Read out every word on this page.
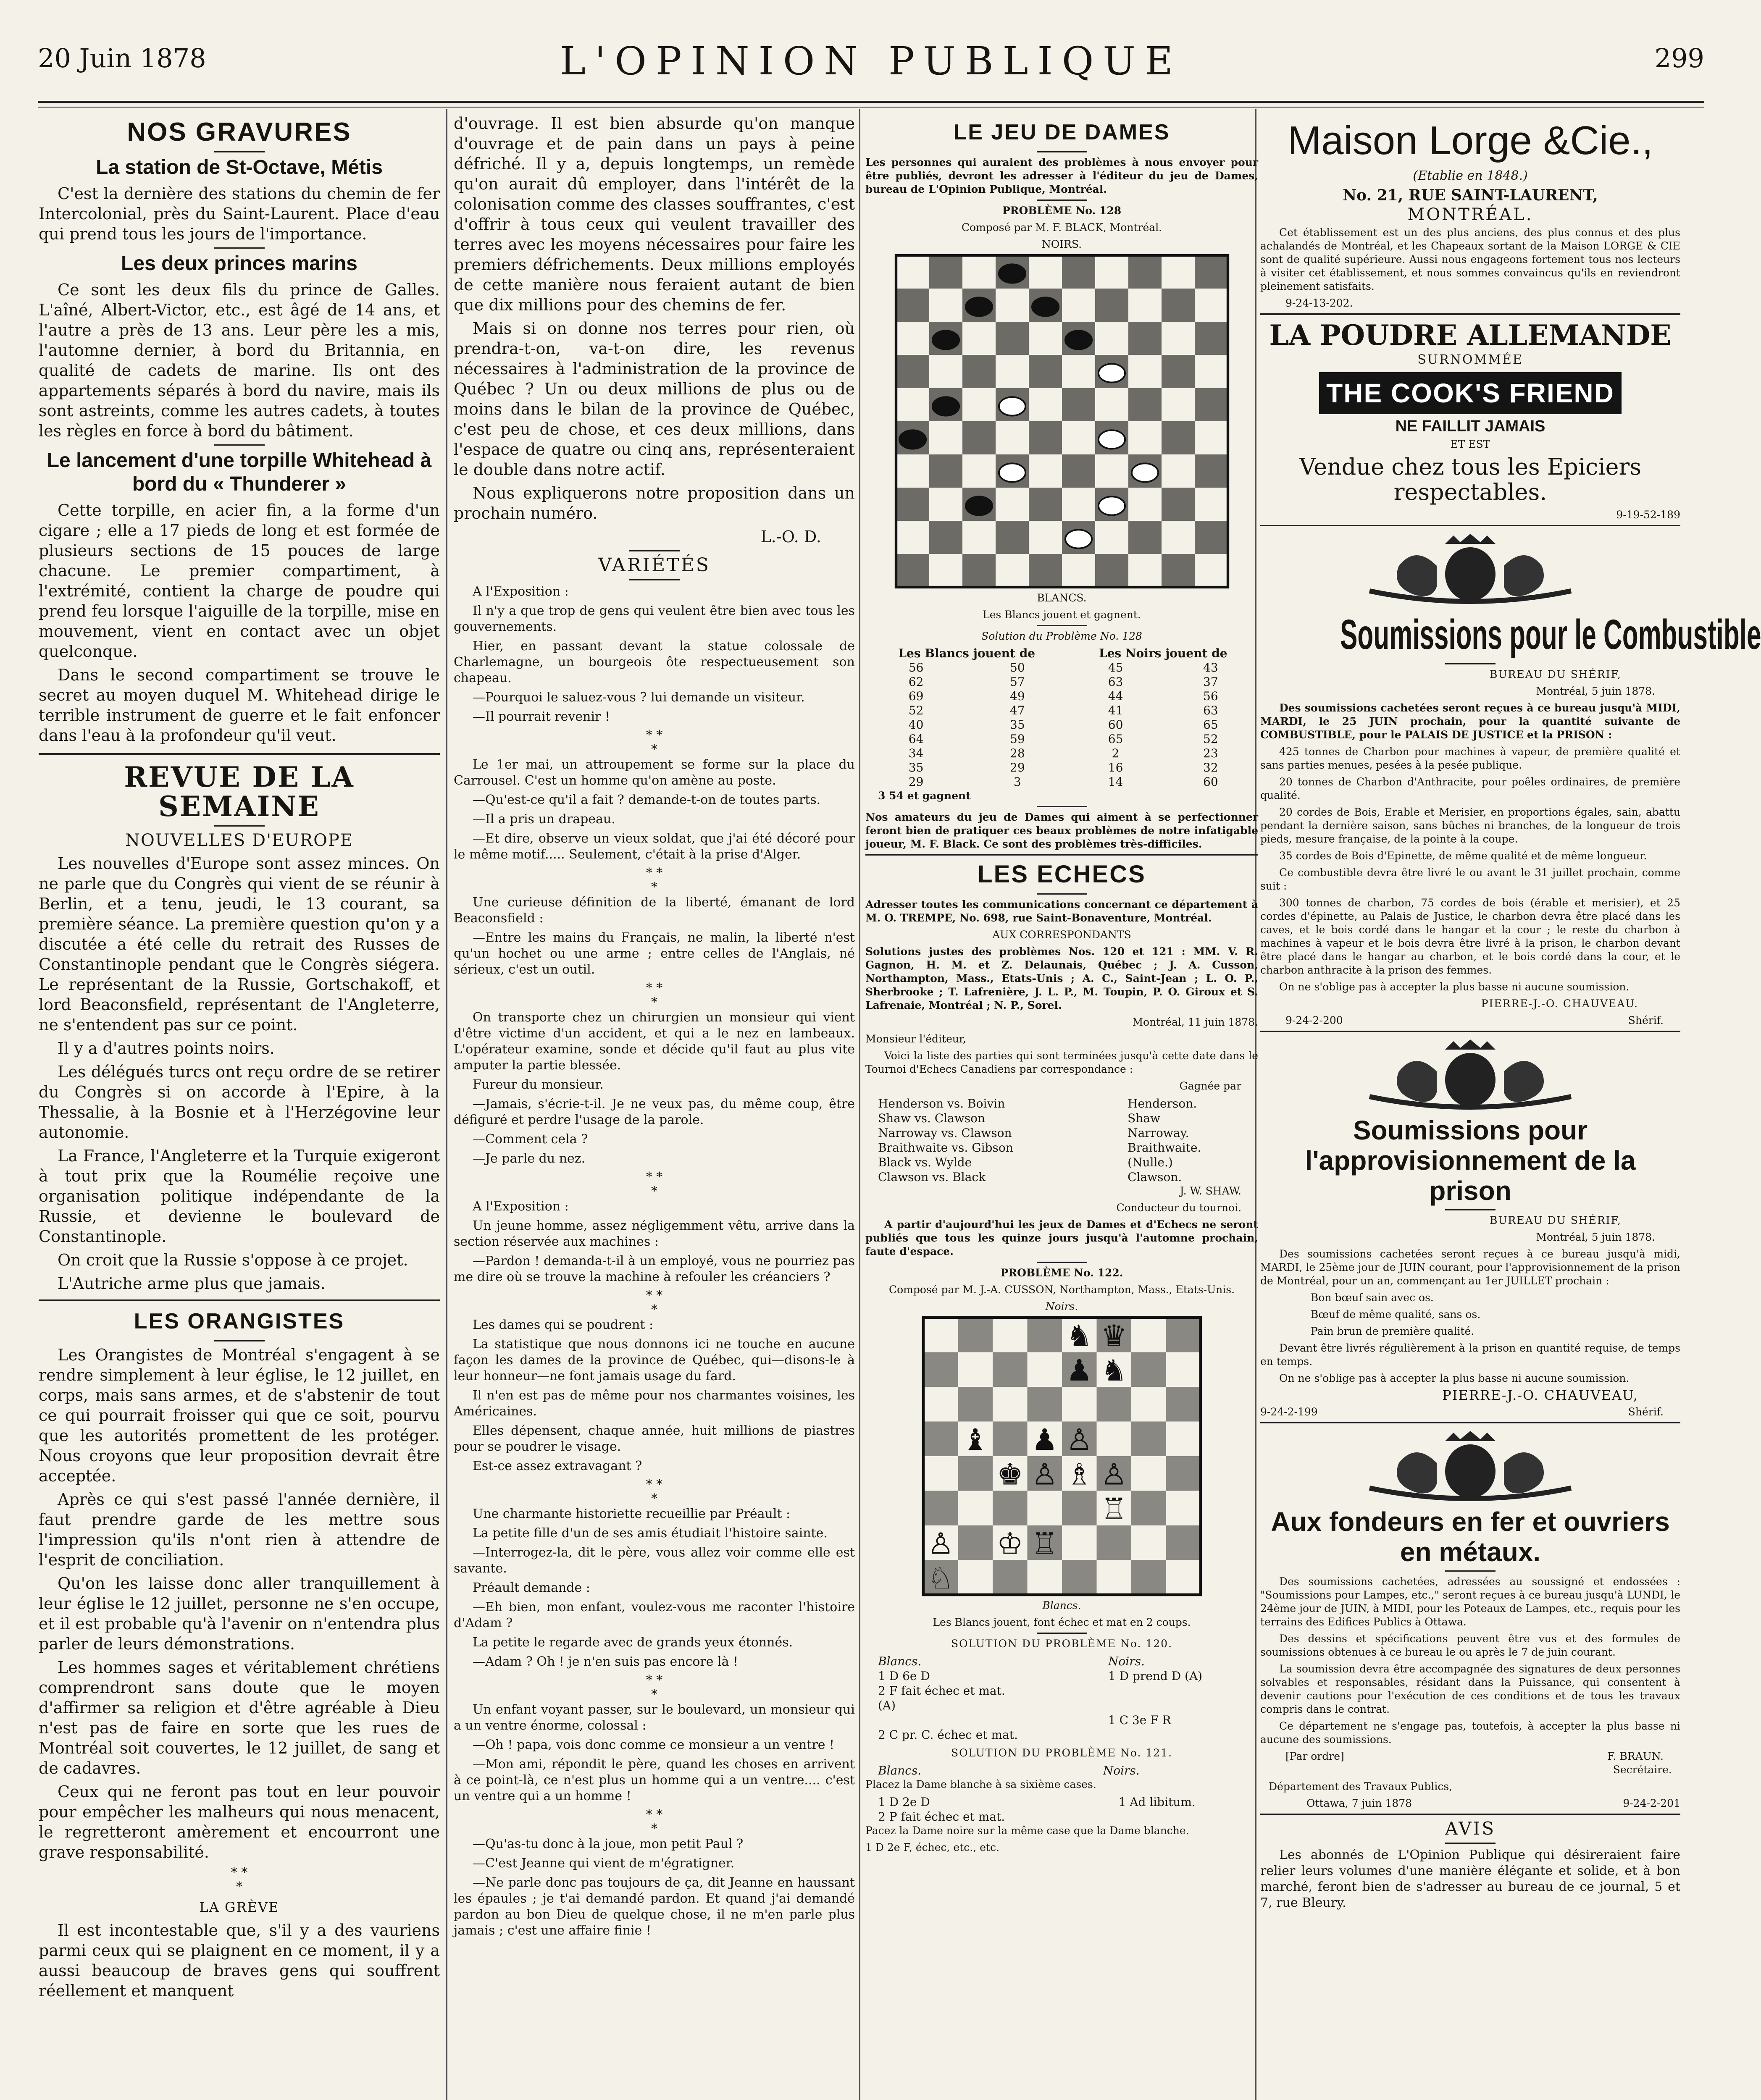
20 Juin 1878	L'OPINION PUBLIQUE	299
NOS GRAVURES
La station de St-Octave, Métis

C'est la dernière des stations du chemin de fer Intercolonial, près du Saint-Laurent. Place d'eau qui prend tous les jours de l'importance.

Les deux princes marins

Ce sont les deux fils du prince de Galles. L'aîné, Albert-Victor, etc., est âgé de 14 ans, et l'autre a près de 13 ans. Leur père les a mis, l'automne dernier, à bord du Britannia, en qualité de cadets de marine. Ils ont des appartements séparés à bord du navire, mais ils sont astreints, comme les autres cadets, à toutes les règles en force à bord du bâtiment.

Le lancement d'une torpille Whitehead à bord du « Thunderer »

Cette torpille, en acier fin, a la forme d'un cigare ; elle a 17 pieds de long et est formée de plusieurs sections de 15 pouces de large chacune. Le premier compartiment, à l'extrémité, contient la charge de poudre qui prend feu lorsque l'aiguille de la torpille, mise en mouvement, vient en contact avec un objet quelconque.

Dans le second compartiment se trouve le secret au moyen duquel M. Whitehead dirige le terrible instrument de guerre et le fait enfoncer dans l'eau à la profondeur qu'il veut.

REVUE DE LA SEMAINE
NOUVELLES D'EUROPE

Les nouvelles d'Europe sont assez minces. On ne parle que du Congrès qui vient de se réunir à Berlin, et a tenu, jeudi, le 13 courant, sa première séance. La première question qu'on y a discutée a été celle du retrait des Russes de Constantinople pendant que le Congrès siégera. Le représentant de la Russie, Gortschakoff, et lord Beaconsfield, représentant de l'Angleterre, ne s'entendent pas sur ce point.

Il y a d'autres points noirs.

Les délégués turcs ont reçu ordre de se retirer du Congrès si on accorde à l'Epire, à la Thessalie, à la Bosnie et à l'Herzégovine leur autonomie.

La France, l'Angleterre et la Turquie exigeront à tout prix que la Roumélie reçoive une organisation politique indépendante de la Russie, et devienne le boulevard de Constantinople.

On croit que la Russie s'oppose à ce projet.

L'Autriche arme plus que jamais.

LES ORANGISTES

Les Orangistes de Montréal s'engagent à se rendre simplement à leur église, le 12 juillet, en corps, mais sans armes, et de s'abstenir de tout ce qui pourrait froisser qui que ce soit, pourvu que les autorités promettent de les protéger. Nous croyons que leur proposition devrait être acceptée.

Après ce qui s'est passé l'année dernière, il faut prendre garde de les mettre sous l'impression qu'ils n'ont rien à attendre de l'esprit de conciliation.

Qu'on les laisse donc aller tranquillement à leur église le 12 juillet, personne ne s'en occupe, et il est probable qu'à l'avenir on n'entendra plus parler de leurs démonstrations.

Les hommes sages et véritablement chrétiens comprendront sans doute que le moyen d'affirmer sa religion et d'être agréable à Dieu n'est pas de faire en sorte que les rues de Montréal soit couvertes, le 12 juillet, de sang et de cadavres.

Ceux qui ne feront pas tout en leur pouvoir pour empêcher les malheurs qui nous menacent, le regretteront amèrement et encourront une grave responsabilité.

* *
*
LA GRÈVE

Il est incontestable que, s'il y a des vauriens parmi ceux qui se plaignent en ce moment, il y a aussi beaucoup de braves gens qui souffrent réellement et manquent

d'ouvrage. Il est bien absurde qu'on manque d'ouvrage et de pain dans un pays à peine défriché. Il y a, depuis longtemps, un remède qu'on aurait dû employer, dans l'intérêt de la colonisation comme des classes souffrantes, c'est d'offrir à tous ceux qui veulent travailler des terres avec les moyens nécessaires pour faire les premiers défrichements. Deux millions employés de cette manière nous feraient autant de bien que dix millions pour des chemins de fer.

Mais si on donne nos terres pour rien, où prendra-t-on, va-t-on dire, les revenus nécessaires à l'administration de la province de Québec ? Un ou deux millions de plus ou de moins dans le bilan de la province de Québec, c'est peu de chose, et ces deux millions, dans l'espace de quatre ou cinq ans, représenteraient le double dans notre actif.

Nous expliquerons notre proposition dans un prochain numéro.

L.-O. D.

VARIÉTÉS

A l'Exposition :

Il n'y a que trop de gens qui veulent être bien avec tous les gouvernements.

Hier, en passant devant la statue colossale de Charlemagne, un bourgeois ôte respectueusement son chapeau.

—Pourquoi le saluez-vous ? lui demande un visiteur.

—Il pourrait revenir !

* *
*

Le 1er mai, un attroupement se forme sur la place du Carrousel. C'est un homme qu'on amène au poste.

—Qu'est-ce qu'il a fait ? demande-t-on de toutes parts.

—Il a pris un drapeau.

—Et dire, observe un vieux soldat, que j'ai été décoré pour le même motif..... Seulement, c'était à la prise d'Alger.

* *
*

Une curieuse définition de la liberté, émanant de lord Beaconsfield :

—Entre les mains du Français, ne malin, la liberté n'est qu'un hochet ou une arme ; entre celles de l'Anglais, né sérieux, c'est un outil.

* *
*

On transporte chez un chirurgien un monsieur qui vient d'être victime d'un accident, et qui a le nez en lambeaux. L'opérateur examine, sonde et décide qu'il faut au plus vite amputer la partie blessée.

Fureur du monsieur.

—Jamais, s'écrie-t-il. Je ne veux pas, du même coup, être défiguré et perdre l'usage de la parole.

—Comment cela ?

—Je parle du nez.

* *
*

A l'Exposition :

Un jeune homme, assez négligemment vêtu, arrive dans la section réservée aux machines :

—Pardon ! demanda-t-il à un employé, vous ne pourriez pas me dire où se trouve la machine à refouler les créanciers ?

* *
*

Les dames qui se poudrent :

La statistique que nous donnons ici ne touche en aucune façon les dames de la province de Québec, qui—disons-le à leur honneur—ne font jamais usage du fard.

Il n'en est pas de même pour nos charmantes voisines, les Américaines.

Elles dépensent, chaque année, huit millions de piastres pour se poudrer le visage.

Est-ce assez extravagant ?

* *
*

Une charmante historiette recueillie par Préault :

La petite fille d'un de ses amis étudiait l'histoire sainte.

—Interrogez-la, dit le père, vous allez voir comme elle est savante.

Préault demande :

—Eh bien, mon enfant, voulez-vous me raconter l'histoire d'Adam ?

La petite le regarde avec de grands yeux étonnés.

—Adam ? Oh ! je n'en suis pas encore là !

* *
*

Un enfant voyant passer, sur le boulevard, un monsieur qui a un ventre énorme, colossal :

—Oh ! papa, vois donc comme ce monsieur a un ventre !

—Mon ami, répondit le père, quand les choses en arrivent à ce point-là, ce n'est plus un homme qui a un ventre.... c'est un ventre qui a un homme !

* *
*

—Qu'as-tu donc à la joue, mon petit Paul ?

—C'est Jeanne qui vient de m'égratigner.

—Ne parle donc pas toujours de ça, dit Jeanne en haussant les épaules ; je t'ai demandé pardon. Et quand j'ai demandé pardon au bon Dieu de quelque chose, il ne m'en parle plus jamais ; c'est une affaire finie !

LE JEU DE DAMES

Les personnes qui auraient des problèmes à nous envoyer pour être publiés, devront les adresser à l'éditeur du jeu de Dames, bureau de L'Opinion Publique, Montréal.

PROBLÈME No. 128

Composé par M. F. BLACK, Montréal.

NOIRS.

BLANCS.

Les Blancs jouent et gagnent.

Solution du Problème No. 128

Les Blancs jouent de		Les Noirs jouent de	
56	50	45	43
62	57	63	37
69	49	44	56
52	47	41	63
40	35	60	65
64	59	65	52
34	28	2	23
35	29	16	32
29	3	14	60

3 54 et gagnent

Nos amateurs du jeu de Dames qui aiment à se perfectionner feront bien de pratiquer ces beaux problèmes de notre infatigable joueur, M. F. Black. Ce sont des problèmes très-difficiles.

LES ECHECS

Adresser toutes les communications concernant ce département à M. O. TREMPE, No. 698, rue Saint-Bonaventure, Montréal.

AUX CORRESPONDANTS

Solutions justes des problèmes Nos. 120 et 121 : MM. V. R. Gagnon, H. M. et Z. Delaunais, Québec ; J. A. Cusson, Northampton, Mass., Etats-Unis ; A. C., Saint-Jean ; L. O. P., Sherbrooke ; T. Lafrenière, J. L. P., M. Toupin, P. O. Giroux et S. Lafrenaie, Montréal ; N. P., Sorel.

Montréal, 11 juin 1878.

Monsieur l'éditeur,

Voici la liste des parties qui sont terminées jusqu'à cette date dans le Tournoi d'Echecs Canadiens par correspondance :

Gagnée par

Henderson vs. Boivin	Henderson.
Shaw vs. Clawson	Shaw
Narroway vs. Clawson	Narroway.
Braithwaite vs. Gibson	Braithwaite.
Black vs. Wylde	(Nulle.)
Clawson vs. Black	Clawson.

J. W. SHAW.

Conducteur du tournoi.

A partir d'aujourd'hui les jeux de Dames et d'Echecs ne seront publiés que tous les quinze jours jusqu'à l'automne prochain, faute d'espace.

PROBLÈME No. 122.

Composé par M. J.-A. CUSSON, Northampton, Mass., Etats-Unis.

Noirs.

Blancs.

Les Blancs jouent, font échec et mat en 2 coups.

SOLUTION DU PROBLÈME No. 120.

Blancs.	Noirs.
1 D 6e D	1 D prend D (A)
2 F fait échec et mat.	
(A)	
	1 C 3e F R
2 C pr. C. échec et mat.	

SOLUTION DU PROBLÈME No. 121.

Blancs.	Noirs.

Placez la Dame blanche à sa sixième cases.

1 D 2e D	1 Ad libitum.
2 P fait échec et mat.	

Pacez la Dame noire sur la même case que la Dame blanche.

1 D 2e F, échec, etc., etc.

Maison Lorge &Cie.,

(Etablie en 1848.)

No. 21, RUE SAINT-LAURENT,

MONTRÉAL.

Cet établissement est un des plus anciens, des plus connus et des plus achalandés de Montréal, et les Chapeaux sortant de la Maison LORGE & CIE sont de qualité supérieure. Aussi nous engageons fortement tous nos lecteurs à visiter cet établissement, et nous sommes convaincus qu'ils en reviendront pleinement satisfaits.

9-24-13-202.

LA POUDRE ALLEMANDE

SURNOMMÉE

THE COOK'S FRIEND

NE FAILLIT JAMAIS

ET EST

Vendue chez tous les Epiciers respectables.

9-19-52-189

Soumissions pour le Combustible

BUREAU DU SHÉRIF,

Montréal, 5 juin 1878.

Des soumissions cachetées seront reçues à ce bureau jusqu'à MIDI, MARDI, le 25 JUIN prochain, pour la quantité suivante de COMBUSTIBLE, pour le PALAIS DE JUSTICE et la PRISON :

425 tonnes de Charbon pour machines à vapeur, de première qualité et sans parties menues, pesées à la pesée publique.

20 tonnes de Charbon d'Anthracite, pour poêles ordinaires, de première qualité.

20 cordes de Bois, Erable et Merisier, en proportions égales, sain, abattu pendant la dernière saison, sans bûches ni branches, de la longueur de trois pieds, mesure française, de la pointe à la coupe.

35 cordes de Bois d'Epinette, de même qualité et de même longueur.

Ce combustible devra être livré le ou avant le 31 juillet prochain, comme suit :

300 tonnes de charbon, 75 cordes de bois (érable et merisier), et 25 cordes d'épinette, au Palais de Justice, le charbon devra être placé dans les caves, et le bois cordé dans le hangar et la cour ; le reste du charbon à machines à vapeur et le bois devra être livré à la prison, le charbon devant être placé dans le hangar au charbon, et le bois cordé dans la cour, et le charbon anthracite à la prison des femmes.

On ne s'oblige pas à accepter la plus basse ni aucune soumission.

PIERRE-J.-O. CHAUVEAU.

9-24-2-200	Shérif.
Soumissions pour l'approvisionnement de la prison

BUREAU DU SHÉRIF,

Montréal, 5 juin 1878.

Des soumissions cachetées seront reçues à ce bureau jusqu'à midi, MARDI, le 25ème jour de JUIN courant, pour l'approvisionnement de la prison de Montréal, pour un an, commençant au 1er JUILLET prochain :

Bon bœuf sain avec os.

Bœuf de même qualité, sans os.

Pain brun de première qualité.

Devant être livrés régulièrement à la prison en quantité requise, de temps en temps.

On ne s'oblige pas à accepter la plus basse ni aucune soumission.

PIERRE-J.-O. CHAUVEAU,

9-24-2-199	Shérif.
Aux fondeurs en fer et ouvriers en métaux.

Des soumissions cachetées, adressées au soussigné et endossées : "Soumissions pour Lampes, etc.," seront reçues à ce bureau jusqu'à LUNDI, le 24ème jour de JUIN, à MIDI, pour les Poteaux de Lampes, etc., requis pour les terrains des Edifices Publics à Ottawa.

Des dessins et spécifications peuvent être vus et des formules de soumissions obtenues à ce bureau le ou après le 7 de juin courant.

La soumission devra être accompagnée des signatures de deux personnes solvables et responsables, résidant dans la Puissance, qui consentent à devenir cautions pour l'exécution de ces conditions et de tous les travaux compris dans le contrat.

Ce département ne s'engage pas, toutefois, à accepter la plus basse ni aucune des soumissions.

[Par ordre]	F. BRAUN.

Secrétaire.

Département des Travaux Publics,

Ottawa, 7 juin 1878	9-24-2-201
AVIS

Les abonnés de L'Opinion Publique qui désireraient faire relier leurs volumes d'une manière élégante et solide, et à bon marché, feront bien de s'adresser au bureau de ce journal, 5 et 7, rue Bleury.
